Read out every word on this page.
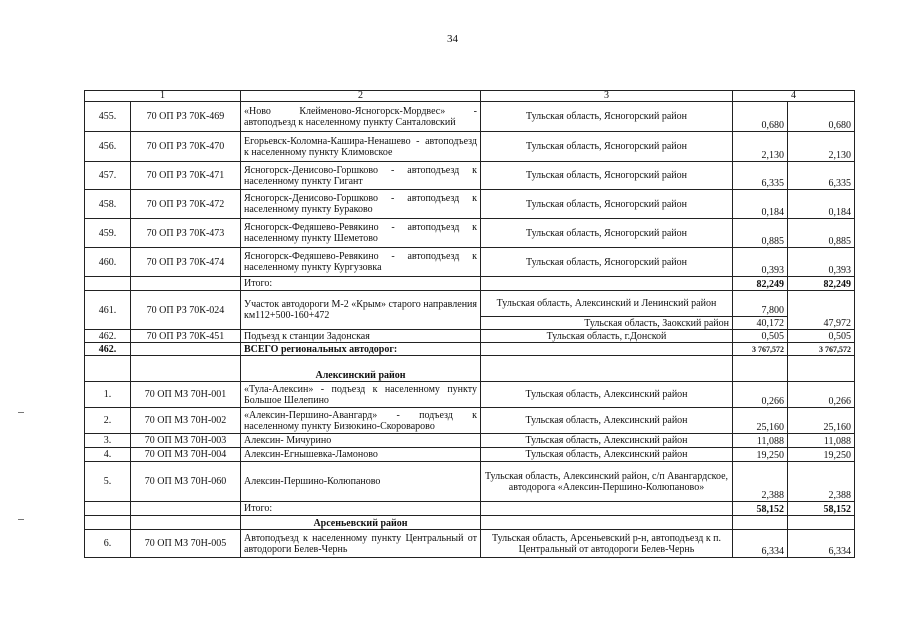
34
1		2	3	4	
455.	70 ОП РЗ 70К-469	«Ново Клейменово-Ясногорск-Мордвес» - автоподъезд к населенному пункту Санталовский	Тульская область, Ясногорский район	0,680	0,680
456.	70 ОП РЗ 70К-470	Егорьевск-Коломна-Кашира-Ненашево - автоподъезд к населенному пункту Климовское	Тульская область, Ясногорский район	2,130	2,130
457.	70 ОП РЗ 70К-471	Ясногорск-Денисово-Горшково - автоподъезд к населенному пункту Гигант	Тульская область, Ясногорский район	6,335	6,335
458.	70 ОП РЗ 70К-472	Ясногорск-Денисово-Горшково - автоподъезд к населенному пункту Бураково	Тульская область, Ясногорский район	0,184	0,184
459.	70 ОП РЗ 70К-473	Ясногорск-Федяшево-Ревякино - автоподъезд к населенному пункту Шеметово	Тульская область, Ясногорский район	0,885	0,885
460.	70 ОП РЗ 70К-474	Ясногорск-Федяшево-Ревякино - автоподъезд к населенному пункту Кургузовка	Тульская область, Ясногорский район	0,393	0,393
		Итого:		82,249	82,249
461.	70 ОП РЗ 70К-024	Участок автодороги М-2 «Крым» старого направления км112+500-160+472	Тульская область, Алексинский и Ленинский район	7,800	47,972
			Тульская область, Заокский район	40,172	
462.	70 ОП РЗ 70К-451	Подъезд к станции Задонская	Тульская область, г.Донской	0,505	0,505
462.		ВСЕГО региональных автодорог:		3 767,572	3 767,572
		Алексинский район			
1.	70 ОП МЗ 70Н-001	«Тула-Алексин» - подъезд к населенному пункту Большое Шелепино	Тульская область, Алексинский район	0,266	0,266
2.	70 ОП МЗ 70Н-002	«Алексин-Першино-Авангард» - подъезд к населенному пункту Бизюкино-Скороварово	Тульская область, Алексинский район	25,160	25,160
3.	70 ОП МЗ 70Н-003	Алексин- Мичурино	Тульская область, Алексинский район	11,088	11,088
4.	70 ОП МЗ 70Н-004	Алексин-Егнышевка-Ламоново	Тульская область, Алексинский район	19,250	19,250
5.	70 ОП МЗ 70Н-060	Алексин-Першино-Колюпаново	Тульская область, Алексинский район, с/п Авангардское, автодорога «Алексин-Першино-Колюпаново»	2,388	2,388
		Итого:		58,152	58,152
		Арсеньевский район			
6.	70 ОП МЗ 70Н-005	Автоподъезд к населенному пункту Центральный от автодороги Белев-Чернь	Тульская область, Арсеньевский р-н, автоподъезд к п. Центральный от автодороги Белев-Чернь	6,334	6,334
